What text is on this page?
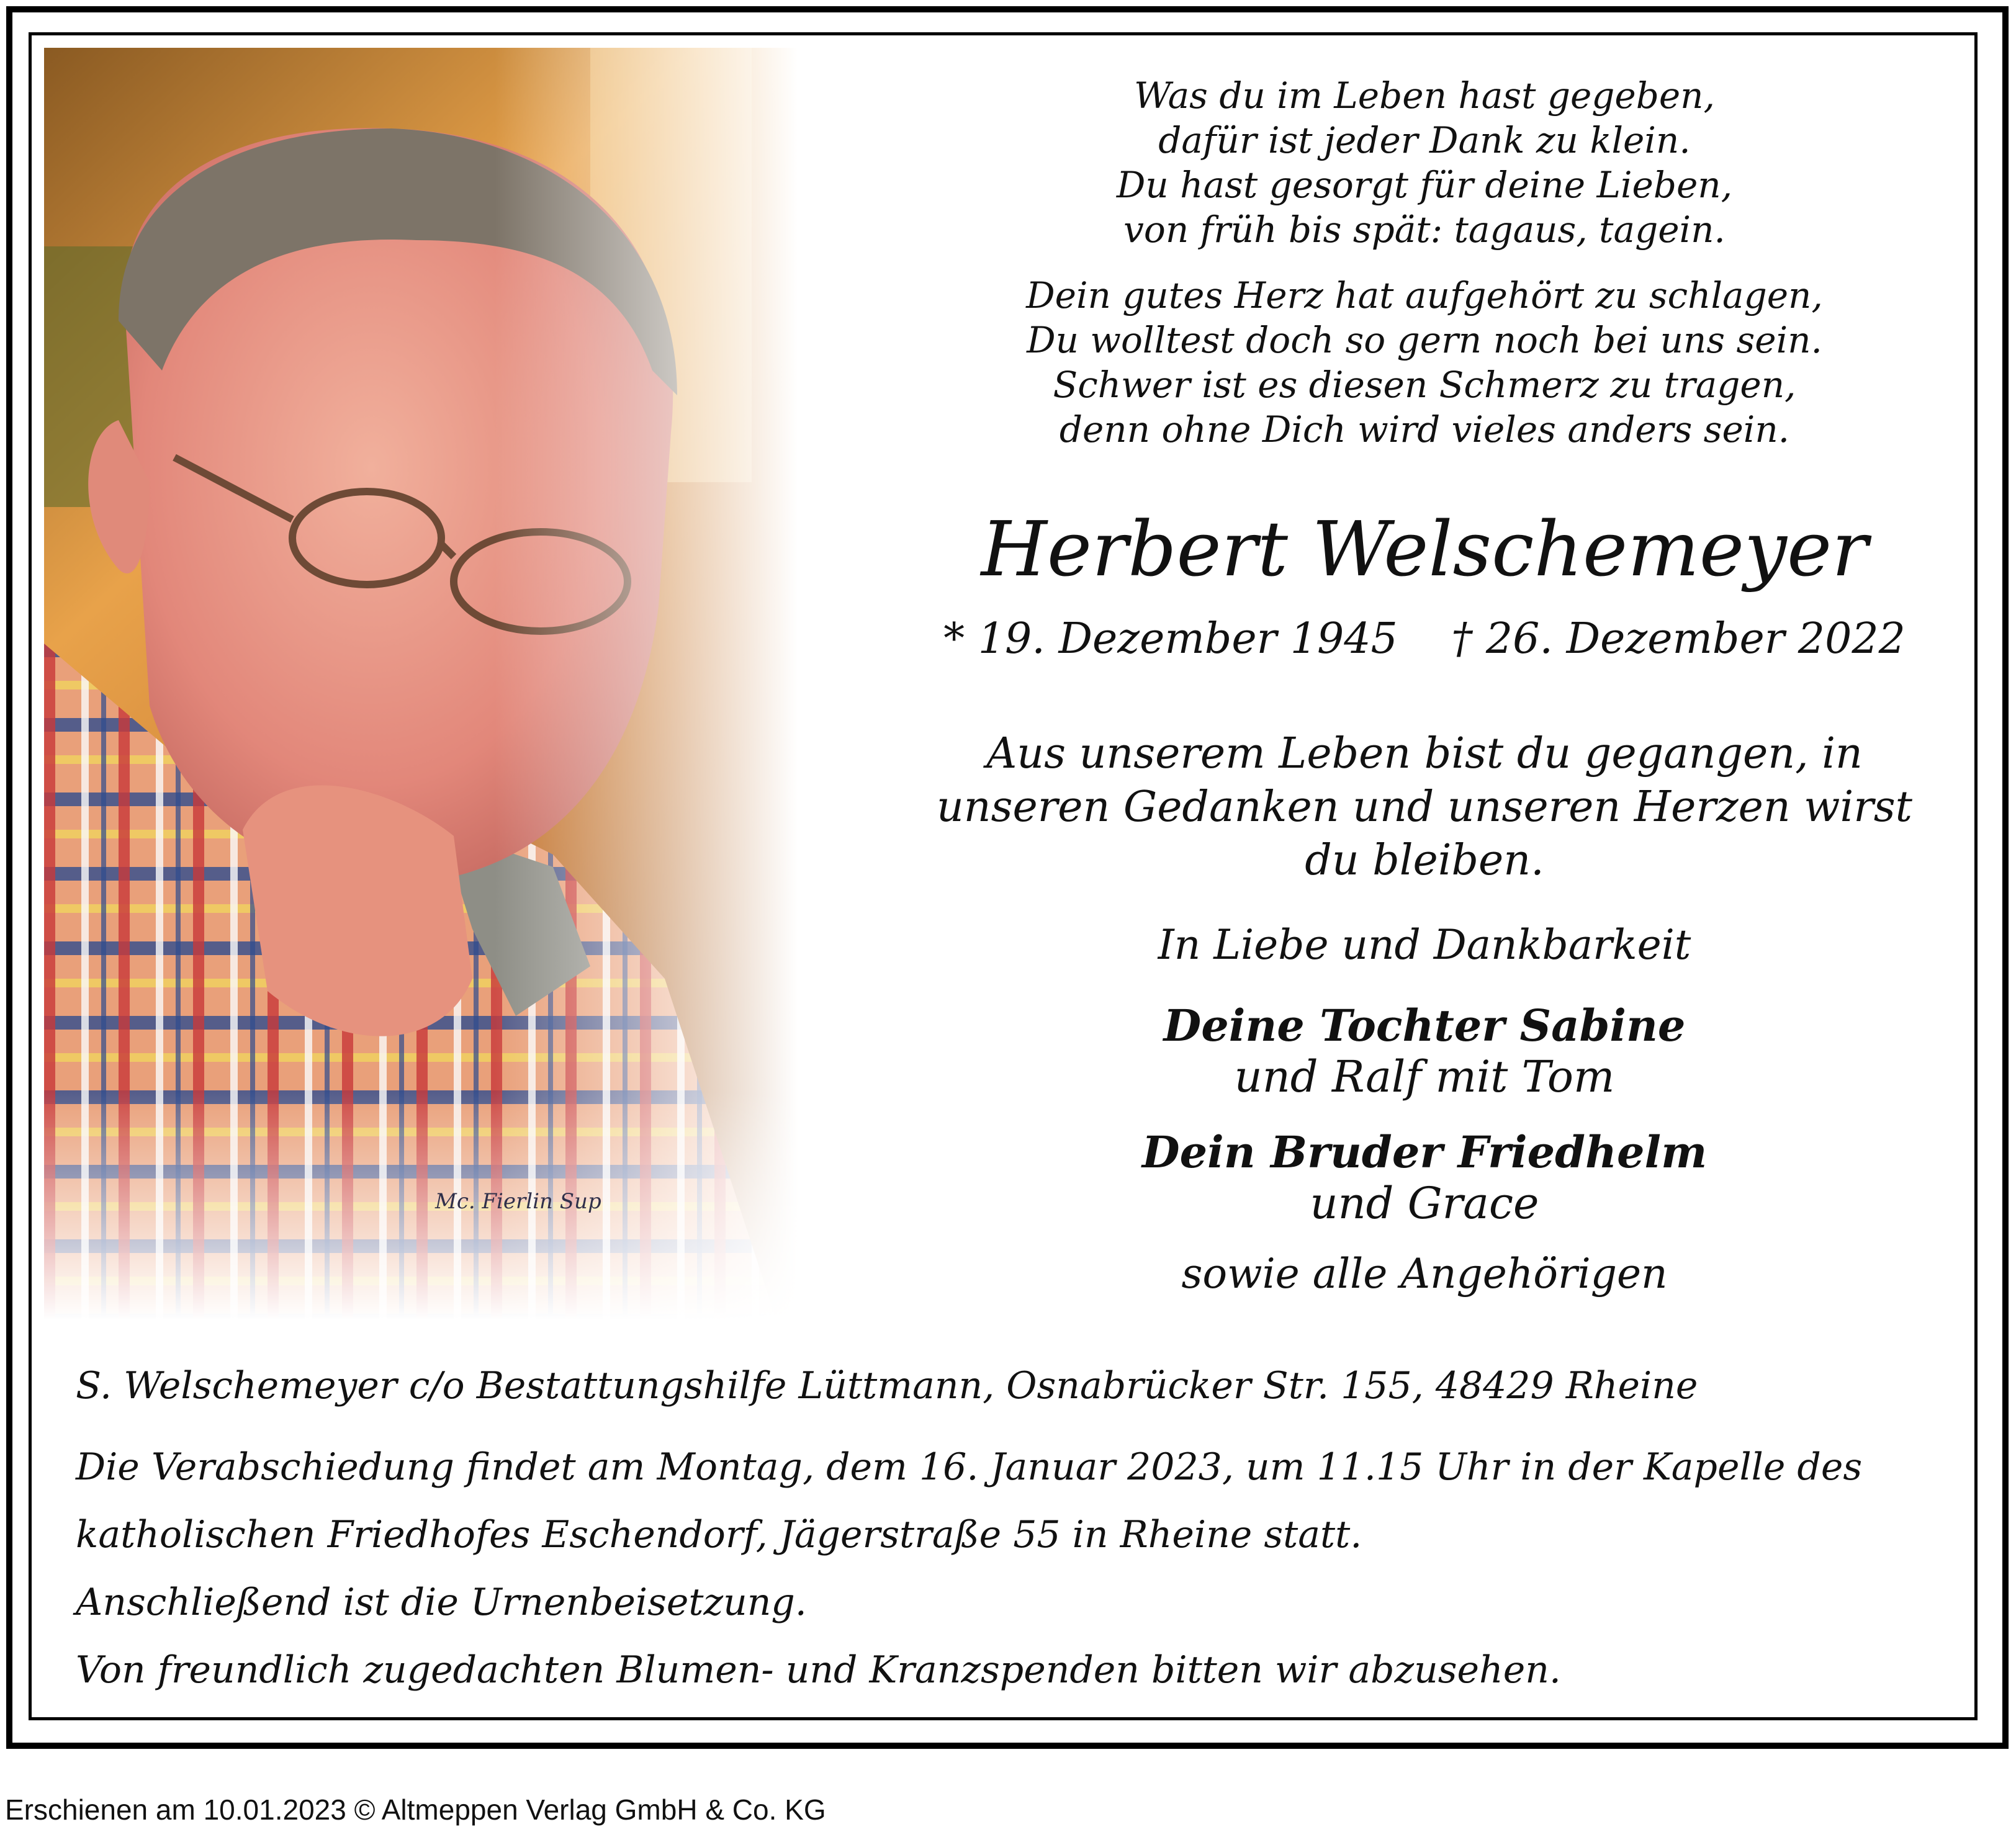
Mc. Fierlin Sup

Was du im Leben hast gegeben,

dafür ist jeder Dank zu klein.

Du hast gesorgt für deine Lieben,

von früh bis spät: tagaus, tagein.

Dein gutes Herz hat aufgehört zu schlagen,

Du wolltest doch so gern noch bei uns sein.

Schwer ist es diesen Schmerz zu tragen,

denn ohne Dich wird vieles anders sein.

Herbert Welschemeyer
* 19. Dezember 1945 † 26. Dezember 2022
Aus unserem Leben bist du gegangen, in unseren Gedanken und unseren Herzen wirst du bleiben.
In Liebe und Dankbarkeit
Deine Tochter Sabine
und Ralf mit Tom
Dein Bruder Friedhelm
und Grace
sowie alle Angehörigen
S. Welschemeyer c/o Bestattungshilfe Lüttmann, Osnabrücker Str. 155, 48429 Rheine

Die Verabschiedung findet am Montag, dem 16. Januar 2023, um 11.15 Uhr in der Kapelle des

katholischen Friedhofes Eschendorf, Jägerstraße 55 in Rheine statt.

Anschließend ist die Urnenbeisetzung.

Von freundlich zugedachten Blumen- und Kranzspenden bitten wir abzusehen.

Erschienen am 10.01.2023 © Altmeppen Verlag GmbH & Co. KG
